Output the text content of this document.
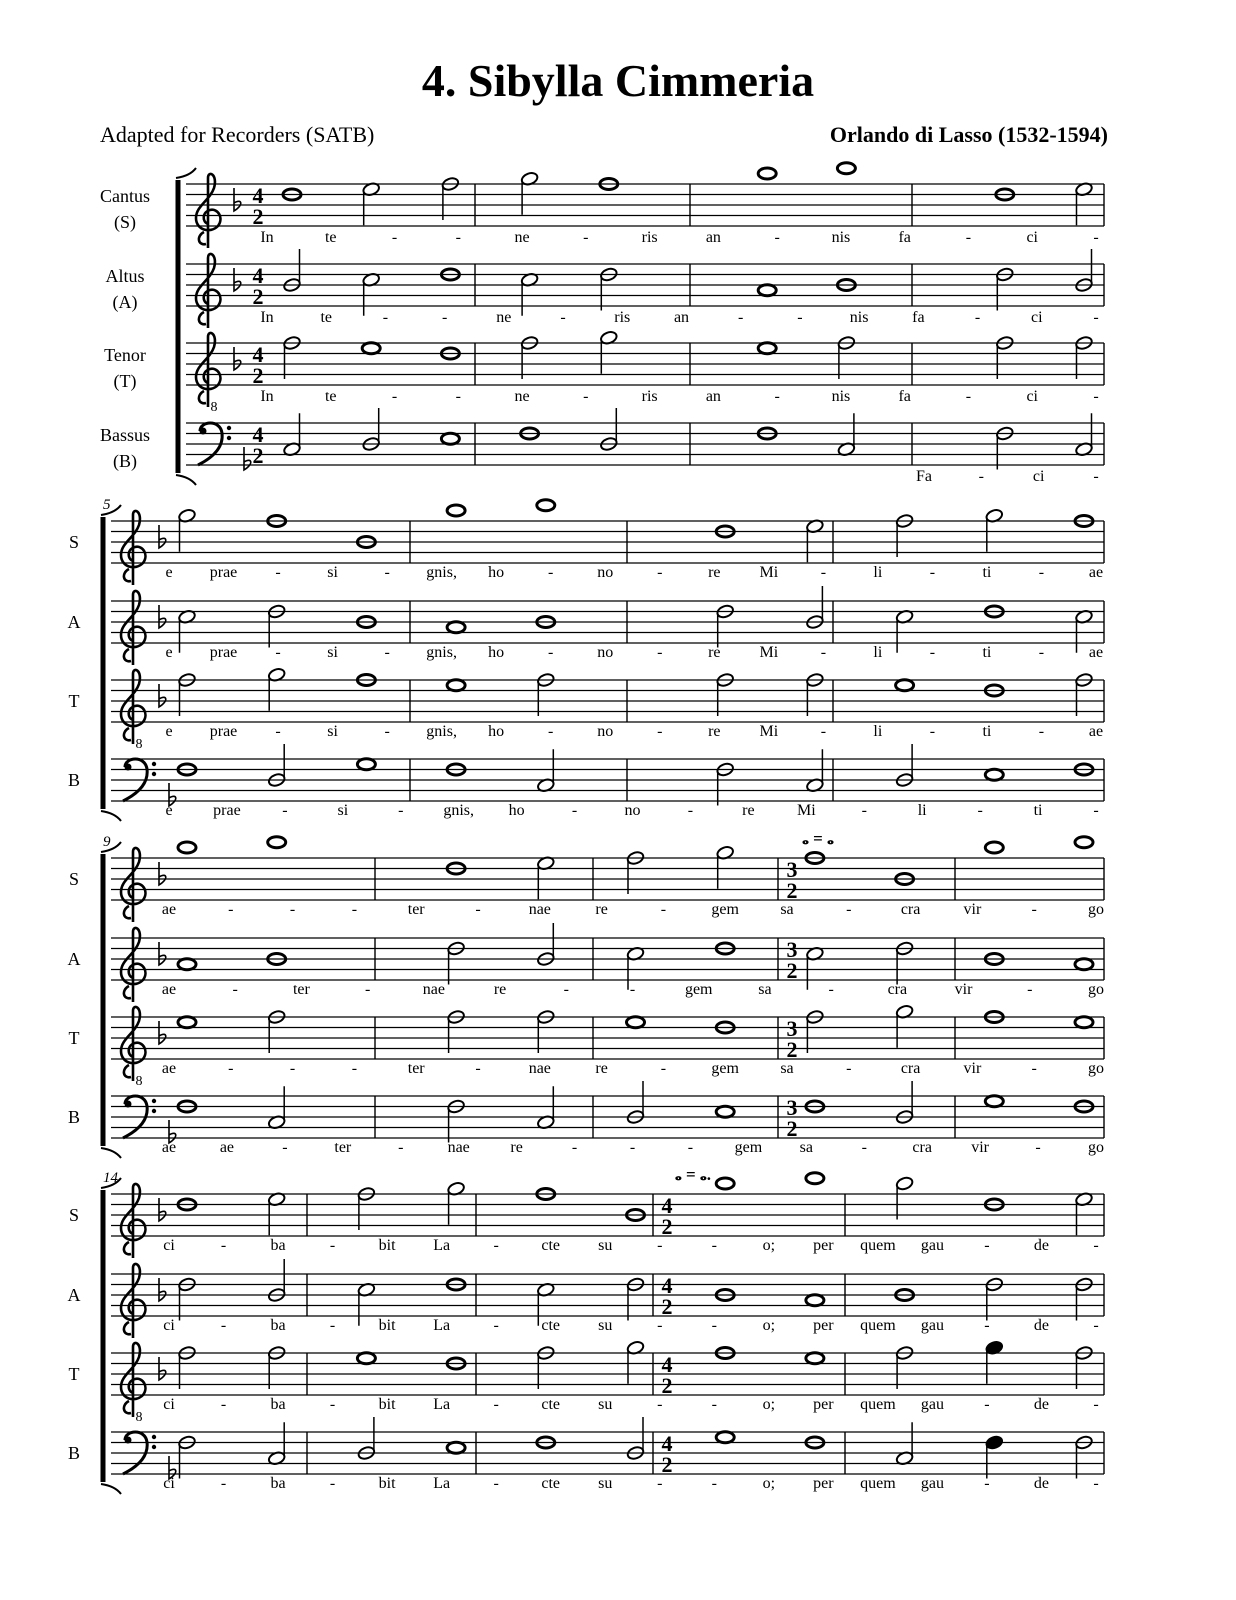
4. Sibylla Cimmeria
Adapted for Recorders (SATB)	Orlando di Lasso (1532-1594)
Cantus
(S)
4
2
In	te	-	-	ne	-	ris	an	-	nis	fa	-	ci	-
Altus
(A)
4
2
In	te	-	-	ne	-	ris	an	-	-	nis	fa	-	ci	-
Tenor
(T)
8
4
2
In	te	-	-	ne	-	ris	an	-	nis	fa	-	ci	-
Bassus
(B)
4
2
Fa	-	ci	-
5
S
e prae -	si	- gnis, ho	-	no	-	re Mi	-	li	-	ti	-	ae
A
e prae -	si	- gnis, ho	-	no	-	re Mi	-	li	-	ti	-	ae
T
8
e prae -	si	- gnis, ho	-	no	-	re Mi	-	li	-	ti	-	ae
B
e	prae	-	si	- gnis, ho	-	no	-	re	Mi	-	li	-	ti	-
9	𝅝 = 𝅝
S	3
2
ae	-	-	-	ter	-	nae	re	-	gem	sa	-	cra	vir	-	go
A	3
2
ae	-	ter	-	nae	re	-	-	gem	sa	-	cra	vir	-	go
T
8
3
2
ae	-	-	-	ter	-	nae	re	-	gem	sa	-	cra	vir	-	go
B	3
2
ae	ae	-	ter	-	nae	re	-	-	-	gem sa	-	cra vir	-	go
14	𝅝 = 𝅝.
S	4
2
ci	-	ba	-	bit La	-	cte su	-	-	o; per quem gau	-	de	-
A	4
2
ci	-	ba	-	bit La	-	cte su	-	-	o; per quem gau	-	de	-
T
8
4
2
ci	-	ba	-	bit La	-	cte su	-	-	o; per quem gau	-	de	-
B	4
2
ci	-	ba	-	bit La	-	cte su	-	-	o; per quem gau	-	de	-
